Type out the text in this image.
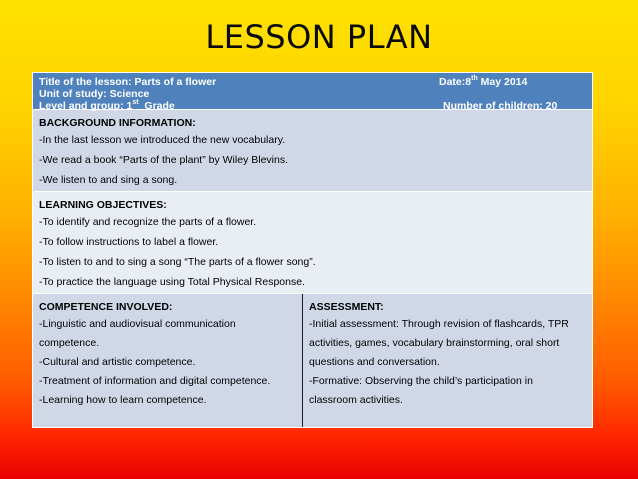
LESSON PLAN
Title of the lesson: Parts of a flower	Date:8th May 2014
Unit of study: Science
Level and group: 1st  Grade	Number of children: 20
BACKGROUND INFORMATION:
-In the last lesson we introduced the new vocabulary.
-We read a book “Parts of the plant” by Wiley Blevins.
-We listen to and sing a song.
LEARNING OBJECTIVES:
-To identify and recognize the parts of a flower.
-To follow instructions to label a flower.
-To listen to and to sing a song “The parts of a flower song”.
-To practice the language using Total Physical Response.
COMPETENCE INVOLVED:
-Linguistic and audiovisual communication
competence.
-Cultural and artistic competence.
-Treatment of information and digital competence.
-Learning how to learn competence.
ASSESSMENT:
-Initial assessment: Through revision of flashcards, TPR
activities, games, vocabulary brainstorming, oral short
questions and conversation.
-Formative: Observing the child’s participation in
classroom activities.
